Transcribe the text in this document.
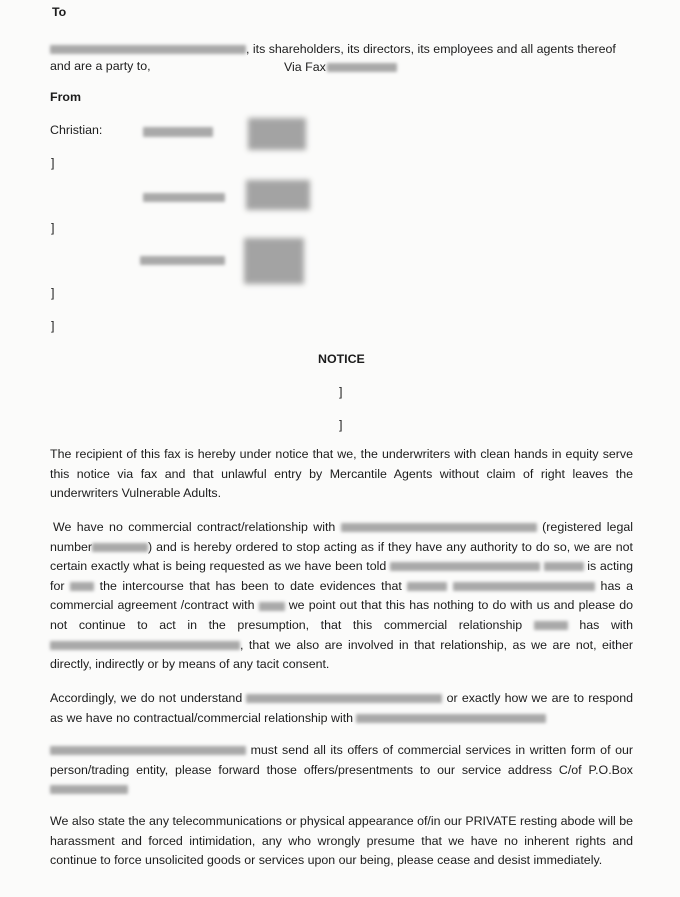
To
, its shareholders, its directors, its employees and all agents thereof
and are a party to,	Via Fax
From
Christian:
]
]
]
]
NOTICE
]
]
The recipient of this fax is hereby under notice that we, the underwriters with clean hands in equity serve this notice via fax and that unlawful entry by Mercantile Agents without claim of right leaves the underwriters Vulnerable Adults.
We have no commercial contract/relationship with	(registered legal number	) and is hereby ordered to stop acting as if they have any authority to do so, we are not certain exactly what is being requested as we have been told	is acting for	the intercourse that has been to date evidences that	has a commercial agreement /contract with	we point out that this has nothing to do with us and please do not continue to act in the presumption, that this commercial relationship	has with , that we also are involved in that relationship, as we are not, either directly, indirectly or by means of any tacit consent.
Accordingly, we do not understand	or exactly how we are to respond as we have no contractual/commercial relationship with
must send all its offers of commercial services in written form of our person/trading entity, please forward those offers/presentments to our service address C/of P.O.Box
We also state the any telecommunications or physical appearance of/in our PRIVATE resting abode will be harassment and forced intimidation, any who wrongly presume that we have no inherent rights and continue to force unsolicited goods or services upon our being, please cease and desist immediately.
